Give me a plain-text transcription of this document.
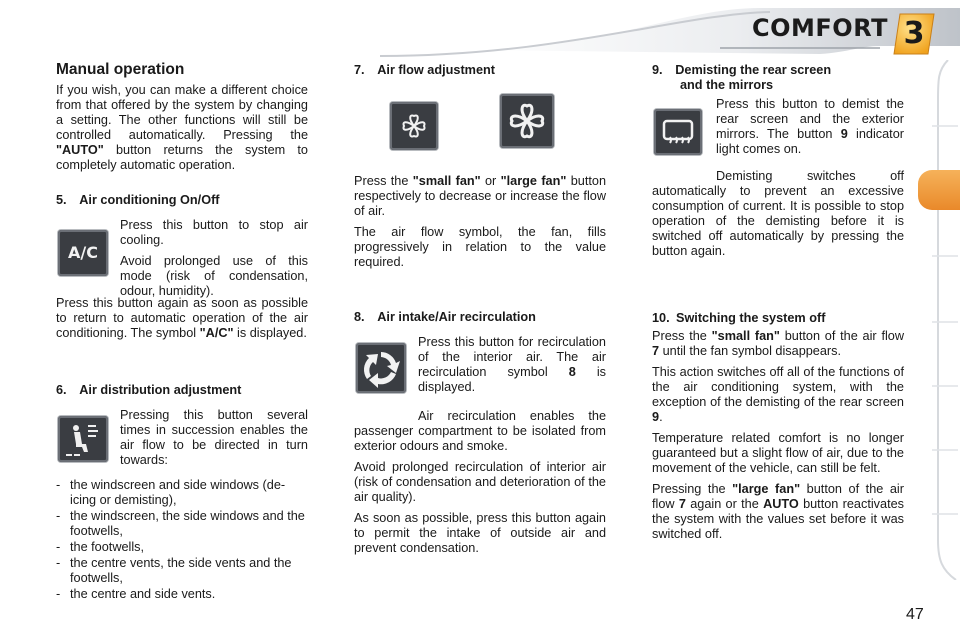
COMFORT 3
Manual operation

If you wish, you can make a different choice from that offered by the system by changing a setting. The other functions will still be controlled automatically. Pressing the "AUTO" button returns the system to completely automatic operation.

5. Air conditioning On/Off
A/C

Press this button to stop air cooling.

Avoid prolonged use of this mode (risk of condensation, odour, humidity).

Press this button again as soon as possible to return to automatic operation of the air conditioning. The symbol "A/C" is displayed.

6. Air distribution adjustment

Pressing this button several times in succession enables the air flow to be directed in turn towards:

- the windscreen and side windows (de-icing or demisting),
- the windscreen, the side windows and the footwells,
- the footwells,
- the centre vents, the side vents and the footwells,
- the centre and side vents.
7. Air flow adjustment

Press the "small fan" or "large fan" button respectively to decrease or increase the flow of air.

The air flow symbol, the fan, fills progressively in relation to the value required.

8. Air intake/Air recirculation

Press this button for recirculation of the interior air. The air recirculation symbol 8 is displayed.

Air recirculation enables the passenger compartment to be isolated from exterior odours and smoke.

Avoid prolonged recirculation of interior air (risk of condensation and deterioration of the air quality).

As soon as possible, press this button again to permit the intake of outside air and prevent condensation.

9. Demisting the rear screen
and the mirrors

Press this button to demist the rear screen and the exterior mirrors. The button 9 indicator light comes on.

Demisting switches off automatically to prevent an excessive consumption of current. It is possible to stop operation of the demisting before it is switched off automatically by pressing the button again.

10. Switching the system off

Press the "small fan" button of the air flow 7 until the fan symbol disappears.

This action switches off all of the functions of the air conditioning system, with the exception of the demisting of the rear screen 9.

Temperature related comfort is no longer guaranteed but a slight flow of air, due to the movement of the vehicle, can still be felt.

Pressing the "large fan" button of the air flow 7 again or the AUTO button reactivates the system with the values set before it was switched off.

47
